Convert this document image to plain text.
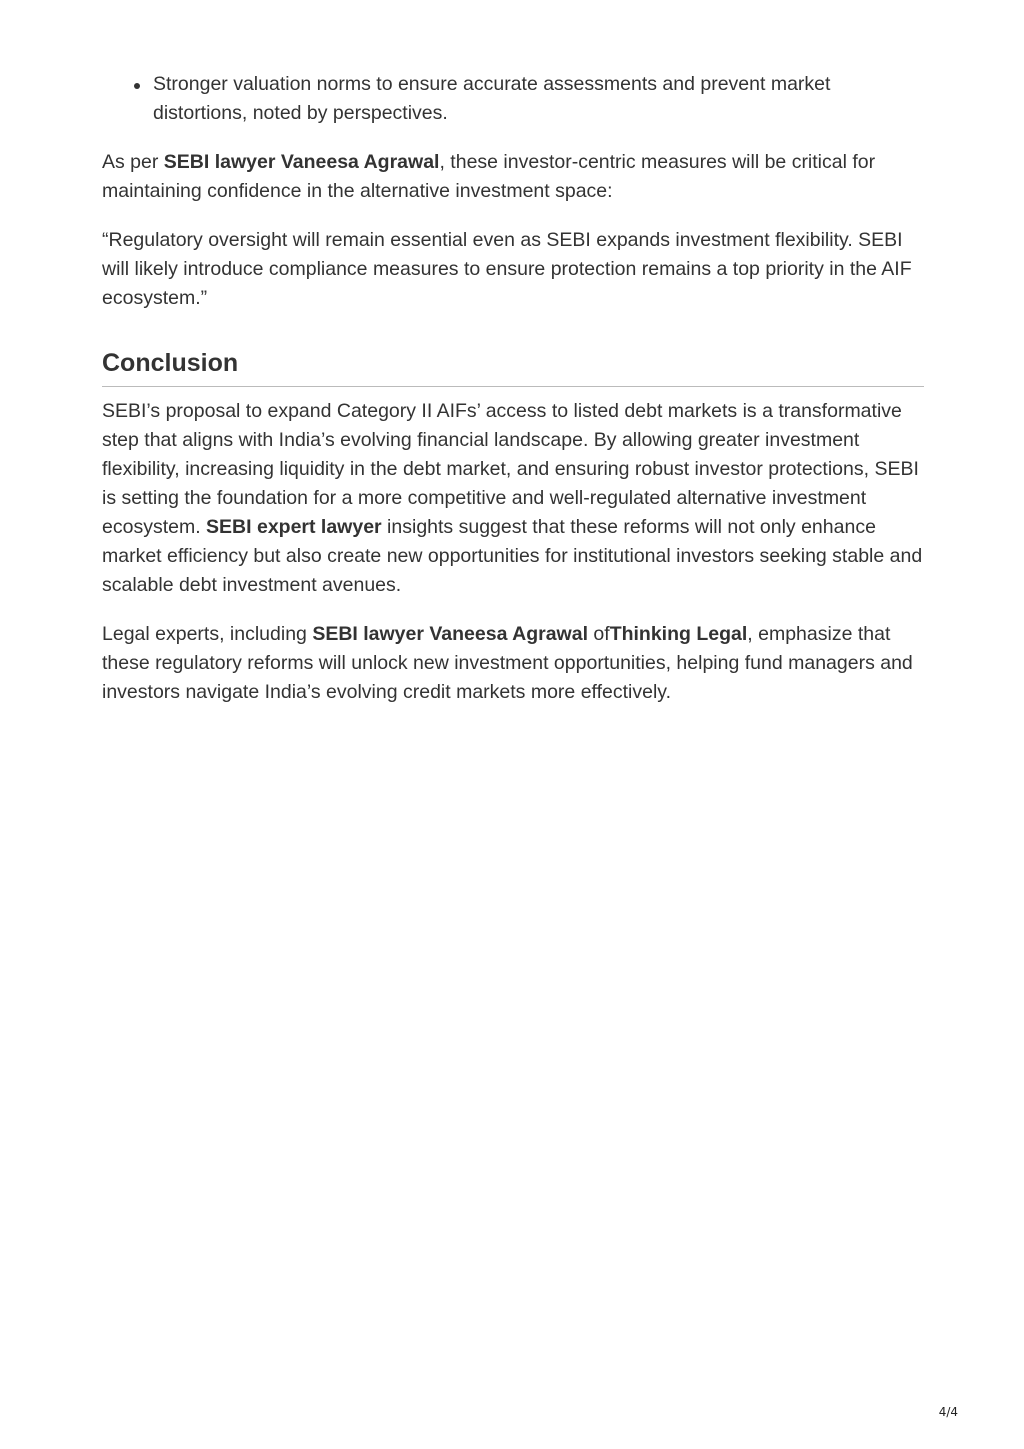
Stronger valuation norms to ensure accurate assessments and prevent market distortions, noted by perspectives.

As per SEBI lawyer Vaneesa Agrawal, these investor-centric measures will be critical for maintaining confidence in the alternative investment space:

“Regulatory oversight will remain essential even as SEBI expands investment flexibility. SEBI will likely introduce compliance measures to ensure protection remains a top priority in the AIF ecosystem.”

Conclusion

SEBI’s proposal to expand Category II AIFs’ access to listed debt markets is a transformative step that aligns with India’s evolving financial landscape. By allowing greater investment flexibility, increasing liquidity in the debt market, and ensuring robust investor protections, SEBI is setting the foundation for a more competitive and well-regulated alternative investment ecosystem. SEBI expert lawyer insights suggest that these reforms will not only enhance market efficiency but also create new opportunities for institutional investors seeking stable and scalable debt investment avenues.

Legal experts, including SEBI lawyer Vaneesa Agrawal ofThinking Legal, emphasize that these regulatory reforms will unlock new investment opportunities, helping fund managers and investors navigate India’s evolving credit markets more effectively.

4/4
